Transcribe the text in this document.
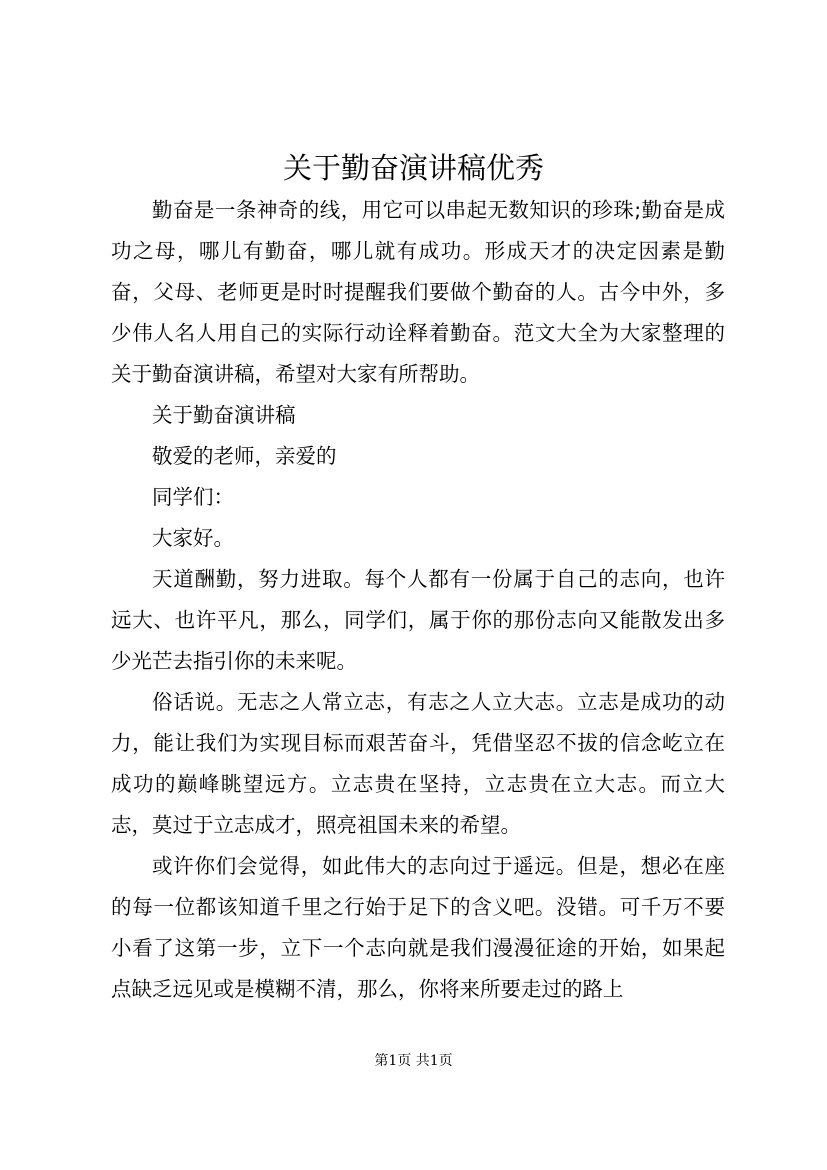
关于勤奋演讲稿优秀

勤奋是一条神奇的线，用它可以串起无数知识的珍珠;勤奋是成功之母，哪儿有勤奋，哪儿就有成功。形成天才的决定因素是勤奋，父母、老师更是时时提醒我们要做个勤奋的人。古今中外，多少伟人名人用自己的实际行动诠释着勤奋。范文大全为大家整理的关于勤奋演讲稿，希望对大家有所帮助。

关于勤奋演讲稿

敬爱的老师，亲爱的

同学们：

大家好。

天道酬勤，努力进取。每个人都有一份属于自己的志向，也许远大、也许平凡，那么，同学们，属于你的那份志向又能散发出多少光芒去指引你的未来呢。

俗话说。无志之人常立志，有志之人立大志。立志是成功的动力，能让我们为实现目标而艰苦奋斗，凭借坚忍不拔的信念屹立在成功的巅峰眺望远方。立志贵在坚持，立志贵在立大志。而立大志，莫过于立志成才，照亮祖国未来的希望。

或许你们会觉得，如此伟大的志向过于遥远。但是，想必在座的每一位都该知道千里之行始于足下的含义吧。没错。可千万不要小看了这第一步，立下一个志向就是我们漫漫征途的开始，如果起点缺乏远见或是模糊不清，那么，你将来所要走过的路上

第1页 共1页
